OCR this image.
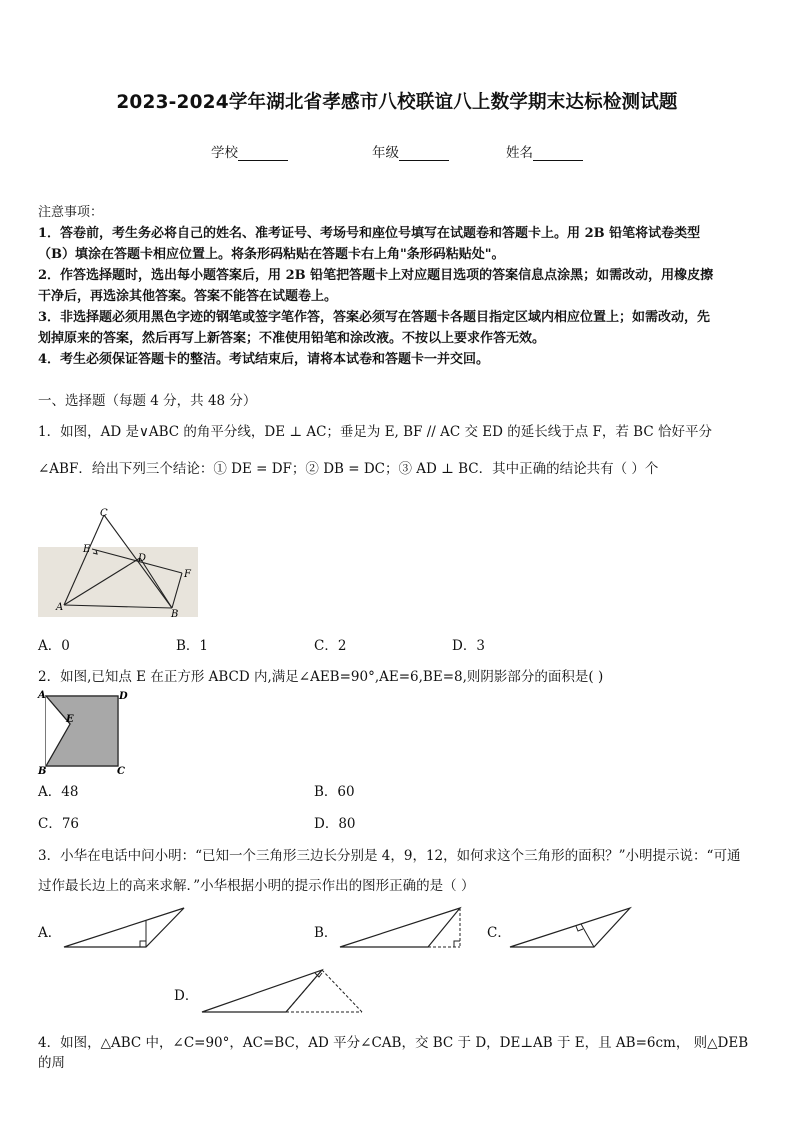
2023-2024学年湖北省孝感市八校联谊八上数学期末达标检测试题
学校	年级	姓名
注意事项：
1．答卷前，考生务必将自己的姓名、准考证号、考场号和座位号填写在试题卷和答题卡上。用 2B 铅笔将试卷类型
（B）填涂在答题卡相应位置上。将条形码粘贴在答题卡右上角"条形码粘贴处"。
2．作答选择题时，选出每小题答案后，用 2B 铅笔把答题卡上对应题目选项的答案信息点涂黑；如需改动，用橡皮擦
干净后，再选涂其他答案。答案不能答在试题卷上。
3．非选择题必须用黑色字迹的钢笔或签字笔作答，答案必须写在答题卡各题目指定区域内相应位置上；如需改动，先
划掉原来的答案，然后再写上新答案；不准使用铅笔和涂改液。不按以上要求作答无效。
4．考生必须保证答题卡的整洁。考试结束后，请将本试卷和答题卡一并交回。
一、选择题（每题 4 分，共 48 分）
1．如图，AD 是∨ABC 的角平分线，DE ⊥ AC；垂足为 E, BF // AC 交 ED 的延长线于点 F，若 BC 恰好平分
∠ABF．给出下列三个结论：① DE = DF；② DB = DC；③ AD ⊥ BC．其中正确的结论共有（ ）个
C
E
D
F
A
B
A．0	B．1	C．2	D．3
2．如图,已知点 E 在正方形 ABCD 内,满足∠AEB=90°,AE=6,BE=8,则阴影部分的面积是( )
A	D
E
B	C
A．48	B．60
C．76	D．80
3．小华在电话中问小明：“已知一个三角形三边长分别是 4，9，12，如何求这个三角形的面积？”小明提示说：“可通
过作最长边上的高来求解．”小华根据小明的提示作出的图形正确的是（ ）
A．	B．	C．
D．
4．如图，△ABC 中，∠C=90°，AC=BC，AD 平分∠CAB，交 BC 于 D，DE⊥AB 于 E，且 AB=6cm， 则△DEB 的周
